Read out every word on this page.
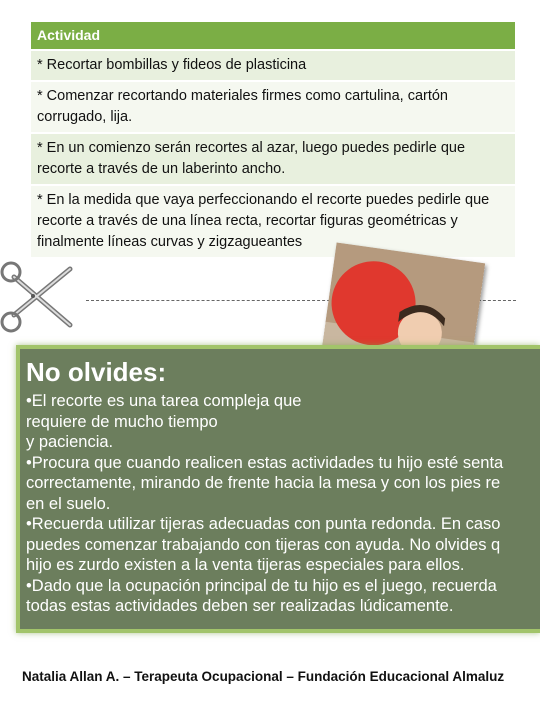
Actividad
* Recortar bombillas y fideos de plasticina
* Comenzar recortando materiales firmes como cartulina, cartón corrugado, lija.
* En un comienzo serán recortes al azar, luego puedes pedirle que recorte a través de un laberinto ancho.
* En la medida que vaya perfeccionando el recorte puedes pedirle que recorte a través de una línea recta, recortar figuras geométricas y finalmente líneas curvas y zigzagueantes
No olvides:

•El recorte es una tarea compleja que

requiere de mucho tiempo

y paciencia.

•Procura que cuando realicen estas actividades tu hijo esté senta

correctamente, mirando de frente hacia la mesa y con los pies re

en el suelo.

•Recuerda utilizar tijeras adecuadas con punta redonda. En caso

puedes comenzar trabajando con tijeras con ayuda. No olvides q

hijo es zurdo existen a la venta tijeras especiales para ellos.

•Dado que la ocupación principal de tu hijo es el juego, recuerda

todas estas actividades deben ser realizadas lúdicamente.

Natalia Allan A. – Terapeuta Ocupacional – Fundación Educacional Almaluz
